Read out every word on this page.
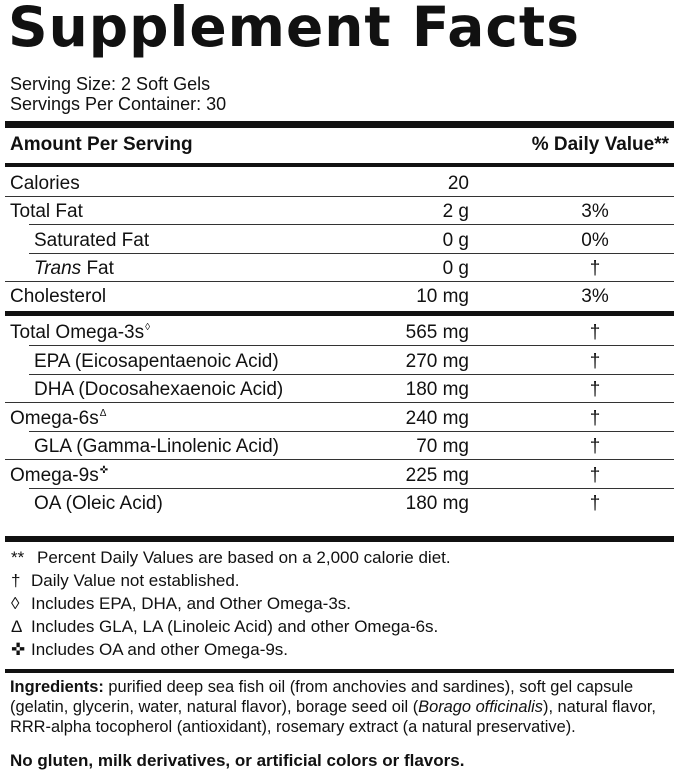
Supplement Facts
Serving Size: 2 Soft Gels
Servings Per Container: 30
Amount Per Serving	% Daily Value**
Calories	20
Total Fat	2 g	3%
Saturated Fat	0 g	0%
Trans Fat	0 g	†
Cholesterol	10 mg	3%
Total Omega-3s◊	565 mg	†
EPA (Eicosapentaenoic Acid)	270 mg	†
DHA (Docosahexaenoic Acid)	180 mg	†
Omega-$6s^\Delta$	240 mg	†
GLA (Gamma-Linolenic Acid)	70 mg	†
Omega-9s✜	225 mg	†
OA (Oleic Acid)	180 mg	†
** Percent Daily Values are based on a 2,000 calorie diet.
† Daily Value not established.
◊ Includes EPA, DHA, and Other Omega-3s.
Δ Includes GLA, LA (Linoleic Acid) and other Omega-6s.
✜ Includes OA and other Omega-9s.
Ingredients: purified deep sea fish oil (from anchovies and sardines), soft gel capsule (gelatin, glycerin, water, natural flavor), borage seed oil (Borago officinalis), natural flavor, RRR-alpha tocopherol (antioxidant), rosemary extract (a natural preservative).
No gluten, milk derivatives, or artificial colors or flavors.
